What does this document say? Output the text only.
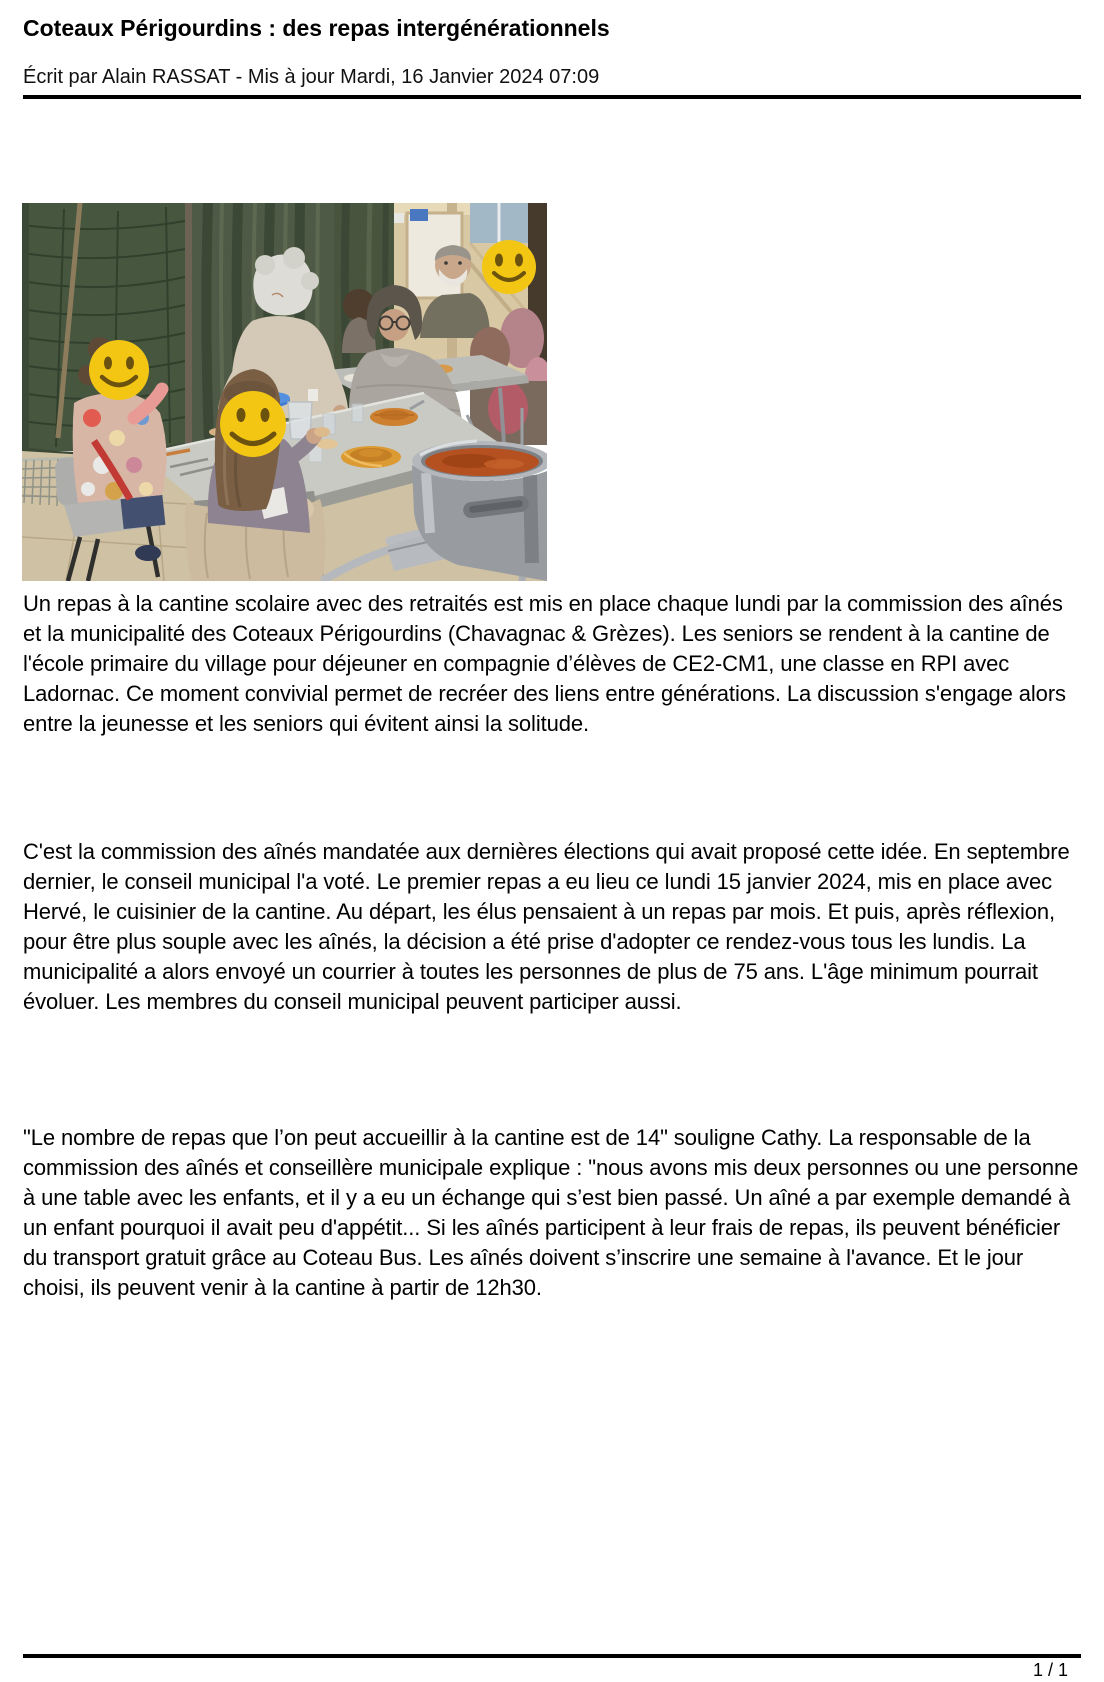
Coteaux Périgourdins : des repas intergénérationnels
Écrit par Alain RASSAT - Mis à jour Mardi, 16 Janvier 2024 07:09

Un repas à la cantine scolaire avec des retraités est mis en place chaque lundi par la commission des aînés et la municipalité des Coteaux Périgourdins (Chavagnac & Grèzes). Les seniors se rendent à la cantine de l'école primaire du village pour déjeuner en compagnie d’élèves de CE2-CM1, une classe en RPI avec Ladornac. Ce moment convivial permet de recréer des liens entre générations. La discussion s'engage alors entre la jeunesse et les seniors qui évitent ainsi la solitude.

C'est la commission des aînés mandatée aux dernières élections qui avait proposé cette idée. En septembre dernier, le conseil municipal l'a voté. Le premier repas a eu lieu ce lundi 15 janvier 2024, mis en place avec Hervé, le cuisinier de la cantine. Au départ, les élus pensaient à un repas par mois. Et puis, après réflexion, pour être plus souple avec les aînés, la décision a été prise d'adopter ce rendez-vous tous les lundis. La municipalité a alors envoyé un courrier à toutes les personnes de plus de 75 ans. L'âge minimum pourrait évoluer. Les membres du conseil municipal peuvent participer aussi.

"Le nombre de repas que l’on peut accueillir à la cantine est de 14" souligne Cathy. La responsable de la commission des aînés et conseillère municipale explique : "nous avons mis deux personnes ou une personne à une table avec les enfants, et il y a eu un échange qui s’est bien passé. Un aîné a par exemple demandé à un enfant pourquoi il avait peu d'appétit... Si les aînés participent à leur frais de repas, ils peuvent bénéficier du transport gratuit grâce au Coteau Bus. Les aînés doivent s’inscrire une semaine à l'avance. Et le jour choisi, ils peuvent venir à la cantine à partir de 12h30.

1 / 1
